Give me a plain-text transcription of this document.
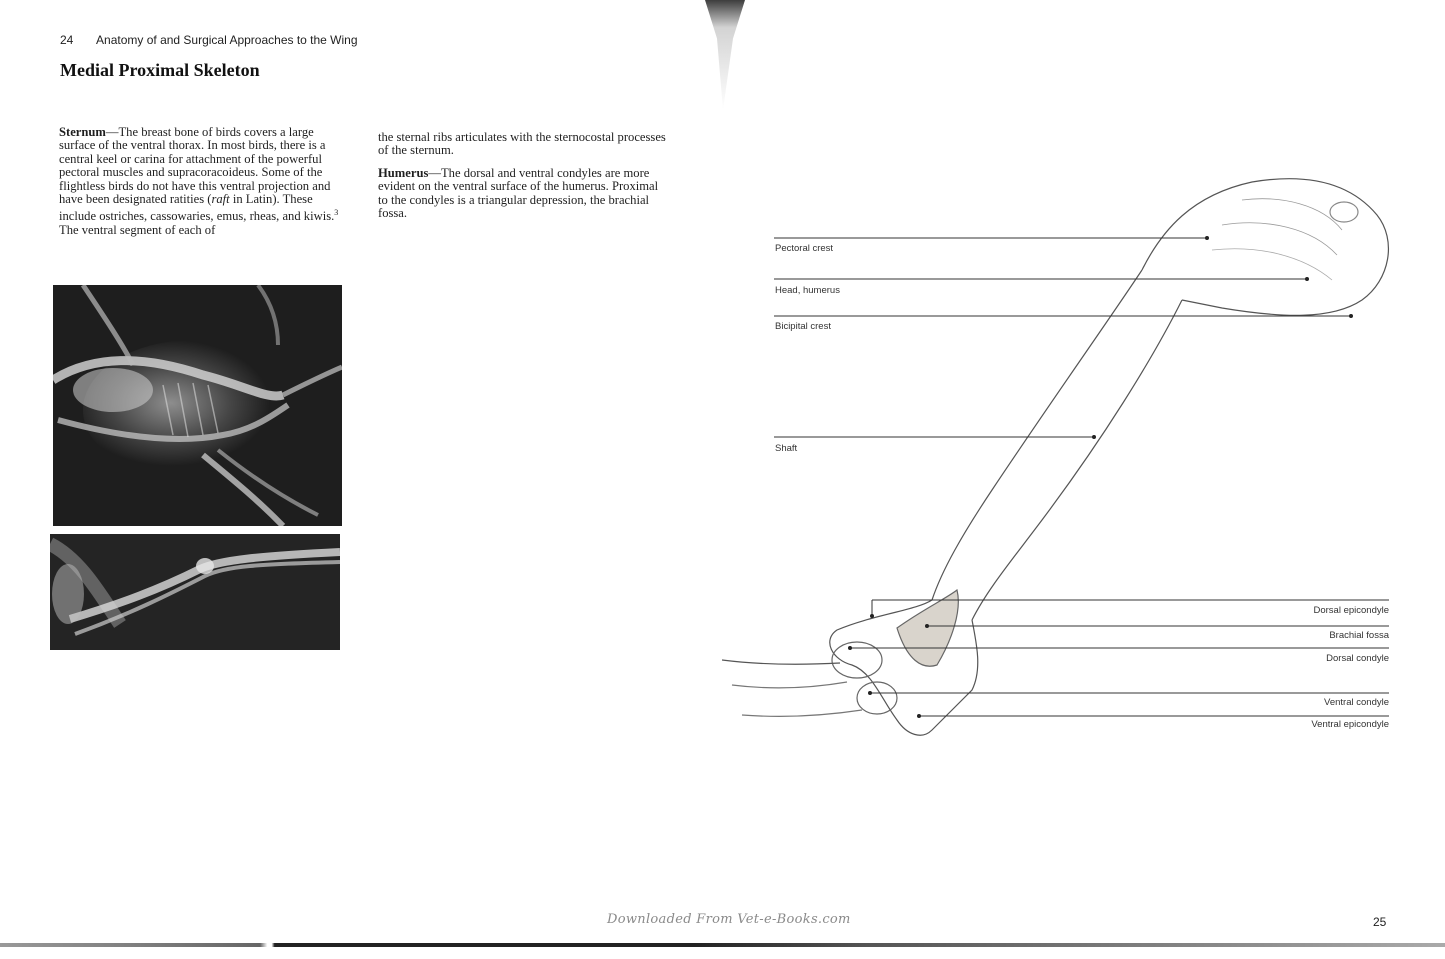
24 Anatomy of and Surgical Approaches to the Wing
Medial Proximal Skeleton

Sternum—The breast bone of birds covers a large surface of the ventral thorax. In most birds, there is a central keel or carina for attachment of the powerful pectoral muscles and supracoracoideus. Some of the flightless birds do not have this ventral projection and have been designated ratities (raft in Latin). These include ostriches, cassowaries, emus, rheas, and kiwis.$^3$ The ventral segment of each of

the sternal ribs articulates with the sternocostal processes of the sternum.

Humerus—The dorsal and ventral condyles are more evident on the ventral surface of the humerus. Proximal to the condyles is a triangular depression, the brachial fossa.

Pectoral crest
Head, humerus
Bicipital crest
Shaft
Dorsal epicondyle
Brachial fossa
Dorsal condyle
Ventral condyle
Ventral epicondyle
Downloaded From Vet-e-Books.com	25
